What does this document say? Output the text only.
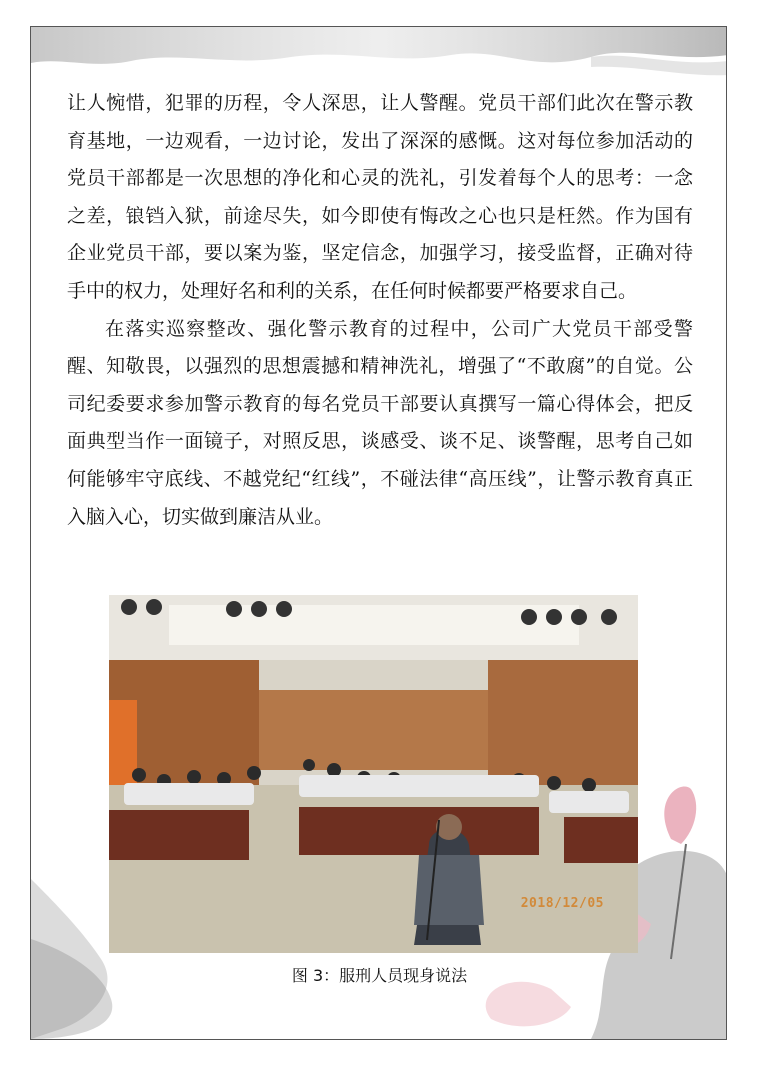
让人惋惜，犯罪的历程，令人深思，让人警醒。党员干部们此次在警示教育基地，一边观看，一边讨论，发出了深深的感慨。这对每位参加活动的党员干部都是一次思想的净化和心灵的洗礼，引发着每个人的思考：一念之差，锒铛入狱，前途尽失，如今即使有悔改之心也只是枉然。作为国有企业党员干部，要以案为鉴，坚定信念，加强学习，接受监督，正确对待手中的权力，处理好名和利的关系，在任何时候都要严格要求自己。

在落实巡察整改、强化警示教育的过程中，公司广大党员干部受警醒、知敬畏，以强烈的思想震撼和精神洗礼，增强了“不敢腐”的自觉。公司纪委要求参加警示教育的每名党员干部要认真撰写一篇心得体会，把反面典型当作一面镜子，对照反思，谈感受、谈不足、谈警醒，思考自己如何能够牢守底线、不越党纪“红线”，不碰法律“高压线”，让警示教育真正入脑入心，切实做到廉洁从业。

2018/12/05
图 3：服刑人员现身说法
